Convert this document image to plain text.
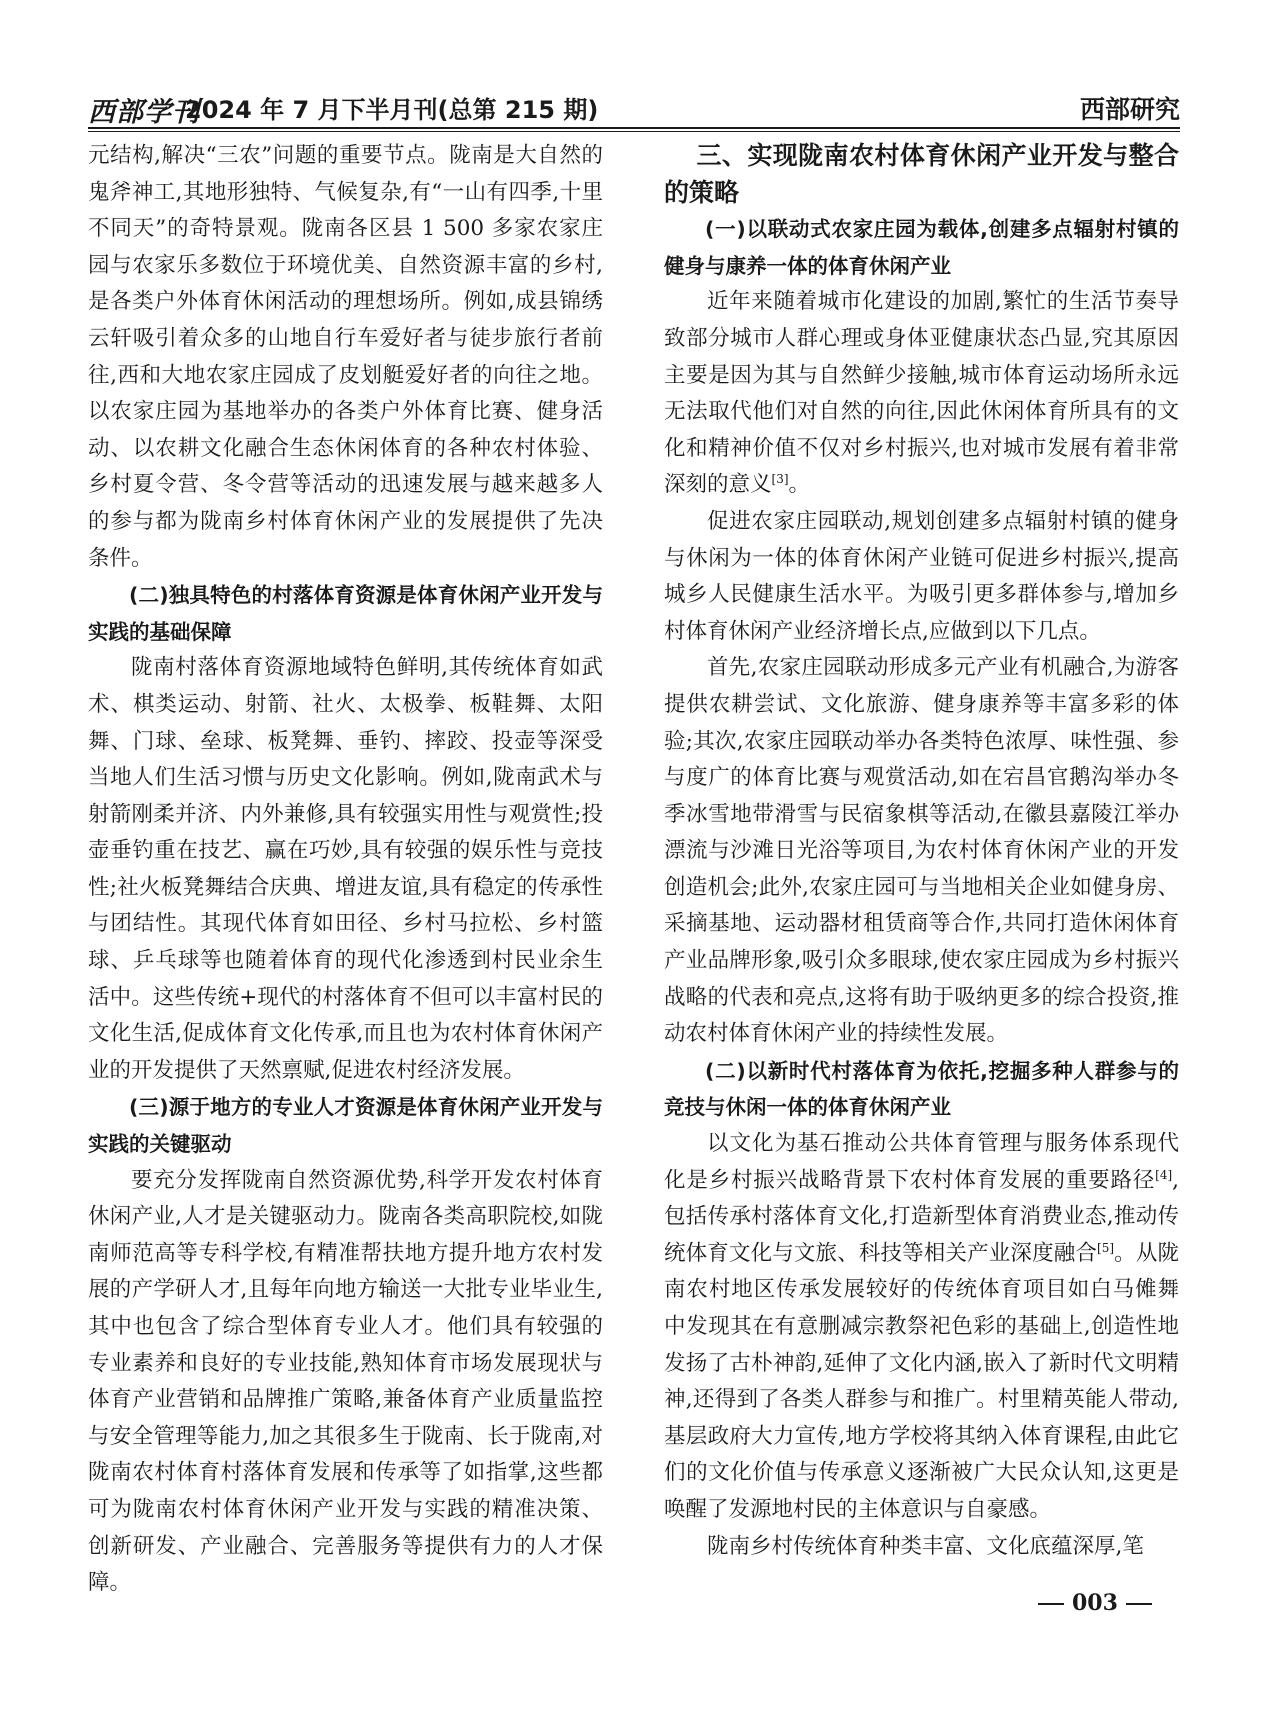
西部学刊
2024 年 7 月下半月刊(总第 215 期)	西部研究

元结构,解决“三农”问题的重要节点。陇南是大自然的鬼斧神工,其地形独特、气候复杂,有“一山有四季,十里不同天”的奇特景观。陇南各区县 1 500 多家农家庄园与农家乐多数位于环境优美、自然资源丰富的乡村,是各类户外体育休闲活动的理想场所。例如,成县锦绣云轩吸引着众多的山地自行车爱好者与徒步旅行者前往,西和大地农家庄园成了皮划艇爱好者的向往之地。以农家庄园为基地举办的各类户外体育比赛、健身活动、以农耕文化融合生态休闲体育的各种农村体验、乡村夏令营、冬令营等活动的迅速发展与越来越多人的参与都为陇南乡村体育休闲产业的发展提供了先决条件。

(二)独具特色的村落体育资源是体育休闲产业开发与实践的基础保障

陇南村落体育资源地域特色鲜明,其传统体育如武术、棋类运动、射箭、社火、太极拳、板鞋舞、太阳舞、门球、垒球、板凳舞、垂钓、摔跤、投壶等深受当地人们生活习惯与历史文化影响。例如,陇南武术与射箭刚柔并济、内外兼修,具有较强实用性与观赏性;投壶垂钓重在技艺、赢在巧妙,具有较强的娱乐性与竞技性;社火板凳舞结合庆典、增进友谊,具有稳定的传承性与团结性。其现代体育如田径、乡村马拉松、乡村篮球、乒乓球等也随着体育的现代化渗透到村民业余生活中。这些传统+现代的村落体育不但可以丰富村民的文化生活,促成体育文化传承,而且也为农村体育休闲产业的开发提供了天然禀赋,促进农村经济发展。

(三)源于地方的专业人才资源是体育休闲产业开发与实践的关键驱动

要充分发挥陇南自然资源优势,科学开发农村体育休闲产业,人才是关键驱动力。陇南各类高职院校,如陇南师范高等专科学校,有精准帮扶地方提升地方农村发展的产学研人才,且每年向地方输送一大批专业毕业生,其中也包含了综合型体育专业人才。他们具有较强的专业素养和良好的专业技能,熟知体育市场发展现状与体育产业营销和品牌推广策略,兼备体育产业质量监控与安全管理等能力,加之其很多生于陇南、长于陇南,对陇南农村体育村落体育发展和传承等了如指掌,这些都可为陇南农村体育休闲产业开发与实践的精准决策、创新研发、产业融合、完善服务等提供有力的人才保障。

三、实现陇南农村体育休闲产业开发与整合的策略

(一)以联动式农家庄园为载体,创建多点辐射村镇的健身与康养一体的体育休闲产业

近年来随着城市化建设的加剧,繁忙的生活节奏导致部分城市人群心理或身体亚健康状态凸显,究其原因主要是因为其与自然鲜少接触,城市体育运动场所永远无法取代他们对自然的向往,因此休闲体育所具有的文化和精神价值不仅对乡村振兴,也对城市发展有着非常深刻的意义[3]。

促进农家庄园联动,规划创建多点辐射村镇的健身与休闲为一体的体育休闲产业链可促进乡村振兴,提高城乡人民健康生活水平。为吸引更多群体参与,增加乡村体育休闲产业经济增长点,应做到以下几点。

首先,农家庄园联动形成多元产业有机融合,为游客提供农耕尝试、文化旅游、健身康养等丰富多彩的体验;其次,农家庄园联动举办各类特色浓厚、味性强、参与度广的体育比赛与观赏活动,如在宕昌官鹅沟举办冬季冰雪地带滑雪与民宿象棋等活动,在徽县嘉陵江举办漂流与沙滩日光浴等项目,为农村体育休闲产业的开发创造机会;此外,农家庄园可与当地相关企业如健身房、采摘基地、运动器材租赁商等合作,共同打造休闲体育产业品牌形象,吸引众多眼球,使农家庄园成为乡村振兴战略的代表和亮点,这将有助于吸纳更多的综合投资,推动农村体育休闲产业的持续性发展。

(二)以新时代村落体育为依托,挖掘多种人群参与的竞技与休闲一体的体育休闲产业

以文化为基石推动公共体育管理与服务体系现代化是乡村振兴战略背景下农村体育发展的重要路径[4],包括传承村落体育文化,打造新型体育消费业态,推动传统体育文化与文旅、科技等相关产业深度融合[5]。从陇南农村地区传承发展较好的传统体育项目如白马傩舞中发现其在有意删减宗教祭祀色彩的基础上,创造性地发扬了古朴神韵,延伸了文化内涵,嵌入了新时代文明精神,还得到了各类人群参与和推广。村里精英能人带动,基层政府大力宣传,地方学校将其纳入体育课程,由此它们的文化价值与传承意义逐渐被广大民众认知,这更是唤醒了发源地村民的主体意识与自豪感。

陇南乡村传统体育种类丰富、文化底蕴深厚,笔

003
